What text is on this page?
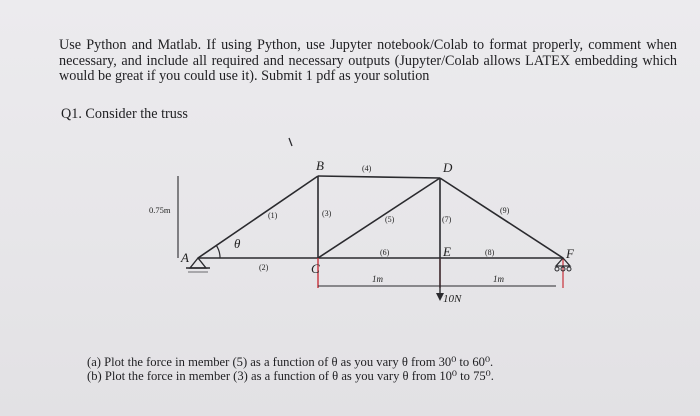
Use Python and Matlab. If using Python, use Jupyter notebook/Colab to format properly, comment when necessary, and include all required and necessary outputs (Jupyter/Colab allows LATEX embedding which would be great if you could use it). Submit 1 pdf as your solution

Q1. Consider the truss

A
B
C
D
E	F
(1)
(2)
(3)
(4)
(5)
(6)
(7)
(8)
(9)
0.75m
θ
1m	1m
10N
(a) Plot the force in member (5) as a function of θ as you vary θ from 30⁰ to 60⁰.
(b) Plot the force in member (3) as a function of θ as you vary θ from 10⁰ to 75⁰.
